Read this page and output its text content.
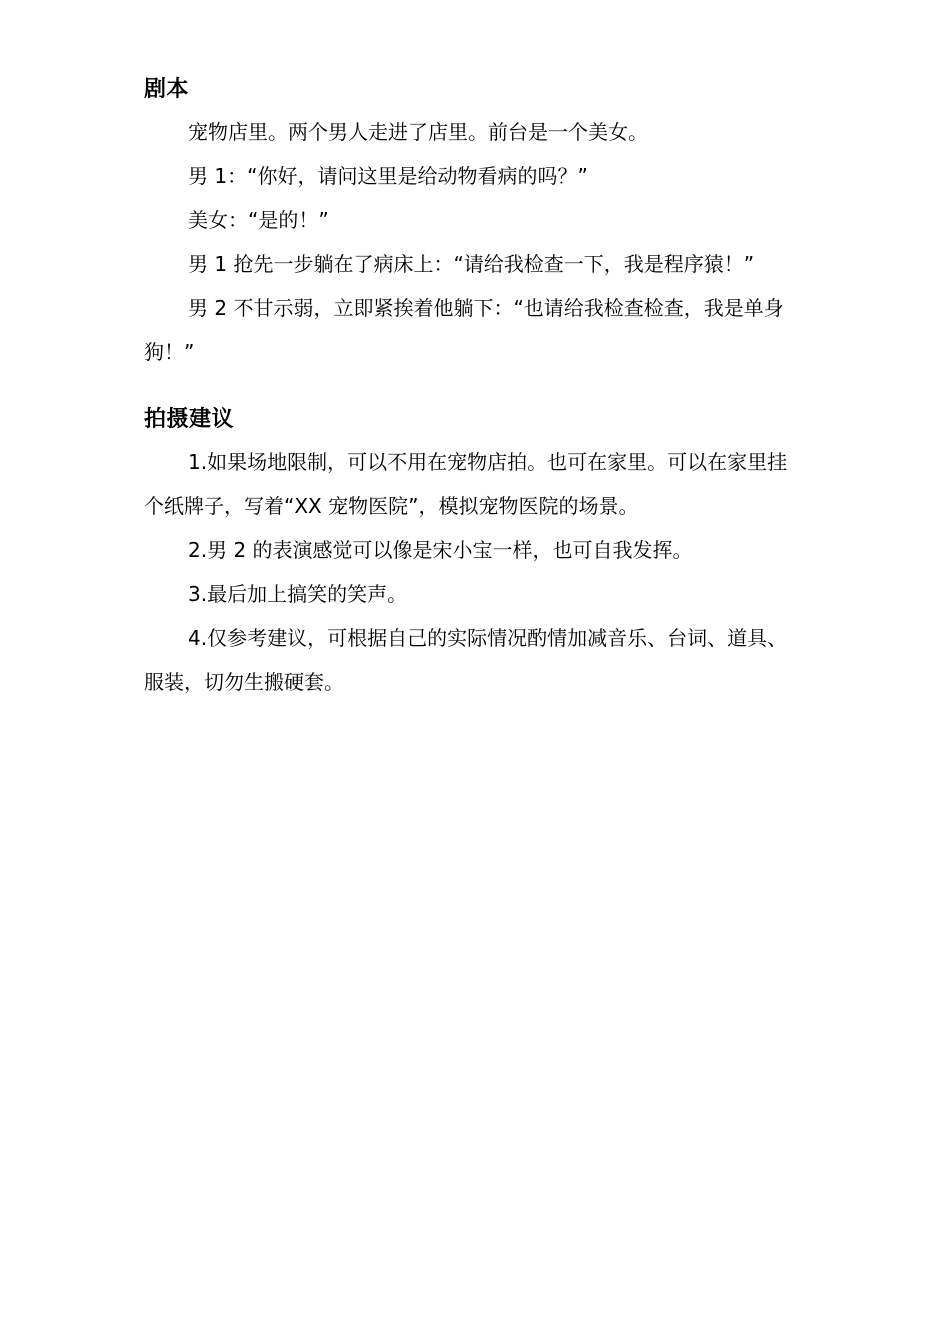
剧本

宠物店里。两个男人走进了店里。前台是一个美女。

男 1：“你好，请问这里是给动物看病的吗？”

美女：“是的！”

男 1 抢先一步躺在了病床上：“请给我检查一下，我是程序猿！”

男 2 不甘示弱，立即紧挨着他躺下：“也请给我检查检查，我是单身狗！”

拍摄建议

1.如果场地限制，可以不用在宠物店拍。也可在家里。可以在家里挂个纸牌子，写着“XX 宠物医院”，模拟宠物医院的场景。

2.男 2 的表演感觉可以像是宋小宝一样，也可自我发挥。

3.最后加上搞笑的笑声。

4.仅参考建议，可根据自己的实际情况酌情加减音乐、台词、道具、服装，切勿生搬硬套。
